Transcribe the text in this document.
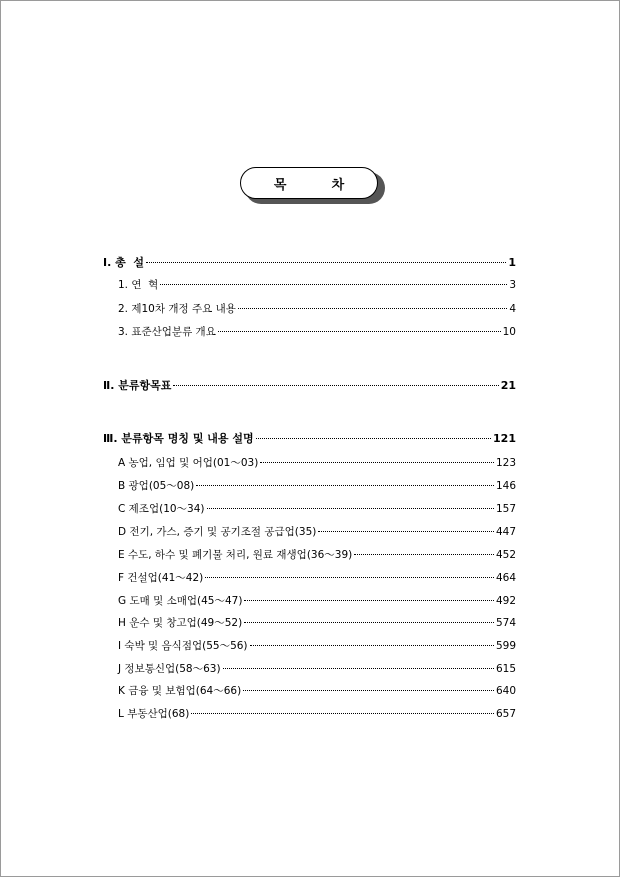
목          차
Ⅰ. 총  설	1
1. 연  혁	3
2. 제10차 개정 주요 내용	4
3. 표준산업분류 개요	10
Ⅱ. 분류항목표	21
Ⅲ. 분류항목 명칭 및 내용 설명	121
A 농업, 임업 및 어업(01～03)	123
B 광업(05～08)	146
C 제조업(10～34)	157
D 전기, 가스, 증기 및 공기조절 공급업(35)	447
E 수도, 하수 및 폐기물 처리, 원료 재생업(36～39)	452
F 건설업(41～42)	464
G 도매 및 소매업(45～47)	492
H 운수 및 창고업(49～52)	574
I 숙박 및 음식점업(55～56)	599
J 정보통신업(58～63)	615
K 금융 및 보험업(64～66)	640
L 부동산업(68)	657
